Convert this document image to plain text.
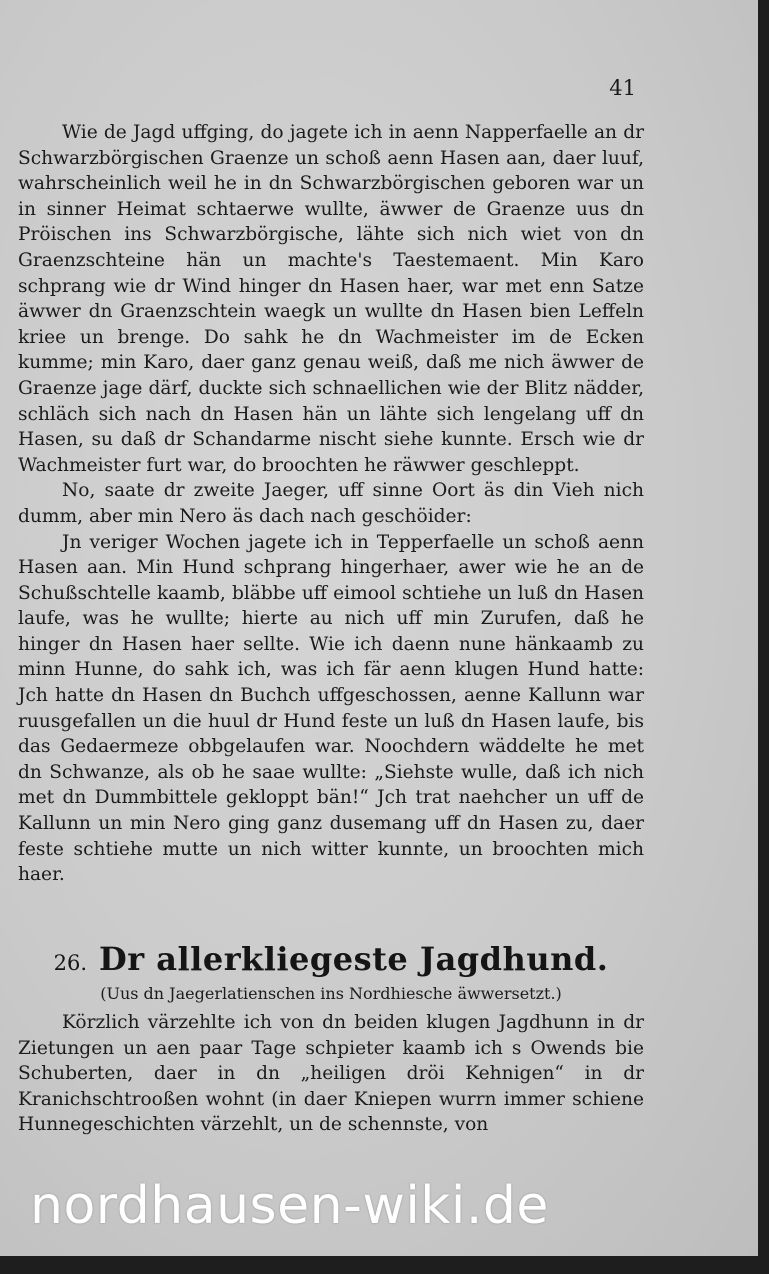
41

Wie de Jagd uffging, do jagete ich in aenn Napperfaelle an dr Schwarzbörgischen Graenze un schoß aenn Hasen aan, daer luuf, wahrscheinlich weil he in dn Schwarzbörgischen geboren war un in sinner Heimat schtaerwe wullte, äwwer de Graenze uus dn Pröischen ins Schwarzbörgische, lähte sich nich wiet von dn Graenzschteine hän un machte's Taestemaent. Min Karo schprang wie dr Wind hinger dn Hasen haer, war met enn Satze äwwer dn Graenzschtein waegk un wullte dn Hasen bien Leffeln kriee un brenge. Do sahk he dn Wachmeister im de Ecken kumme; min Karo, daer ganz genau weiß, daß me nich äwwer de Graenze jage därf, duckte sich schnaellichen wie der Blitz nädder, schläch sich nach dn Hasen hän un lähte sich lengelang uff dn Hasen, su daß dr Schandarme nischt siehe kunnte. Ersch wie dr Wachmeister furt war, do broochten he räwwer geschleppt.

No, saate dr zweite Jaeger, uff sinne Oort äs din Vieh nich dumm, aber min Nero äs dach nach geschöider:

Jn veriger Wochen jagete ich in Tepperfaelle un schoß aenn Hasen aan. Min Hund schprang hingerhaer, awer wie he an de Schußschtelle kaamb, bläbbe uff eimool schtiehe un luß dn Hasen laufe, was he wullte; hierte au nich uff min Zurufen, daß he hinger dn Hasen haer sellte. Wie ich daenn nune hänkaamb zu minn Hunne, do sahk ich, was ich fär aenn klugen Hund hatte: Jch hatte dn Hasen dn Buchch uffgeschossen, aenne Kallunn war ruusgefallen un die huul dr Hund feste un luß dn Hasen laufe, bis das Gedaermeze obbgelaufen war. Noochdern wäddelte he met dn Schwanze, als ob he saae wullte: „Siehste wulle, daß ich nich met dn Dummbittele gekloppt bän!“ Jch trat naehcher un uff de Kallunn un min Nero ging ganz dusemang uff dn Hasen zu, daer feste schtiehe mutte un nich witter kunnte, un broochten mich haer.

26. Dr allerkliegeste Jagdhund.
(Uus dn Jaegerlatienschen ins Nordhiesche äwwersetzt.)

Körzlich värzehlte ich von dn beiden klugen Jagdhunn in dr Zietungen un aen paar Tage schpieter kaamb ich s Owends bie Schuberten, daer in dn „heiligen dröi Kehnigen“ in dr Kranichschtrooßen wohnt (in daer Kniepen wurrn immer schiene Hunnegeschichten värzehlt, un de schennste, von

nordhausen-wiki.de
